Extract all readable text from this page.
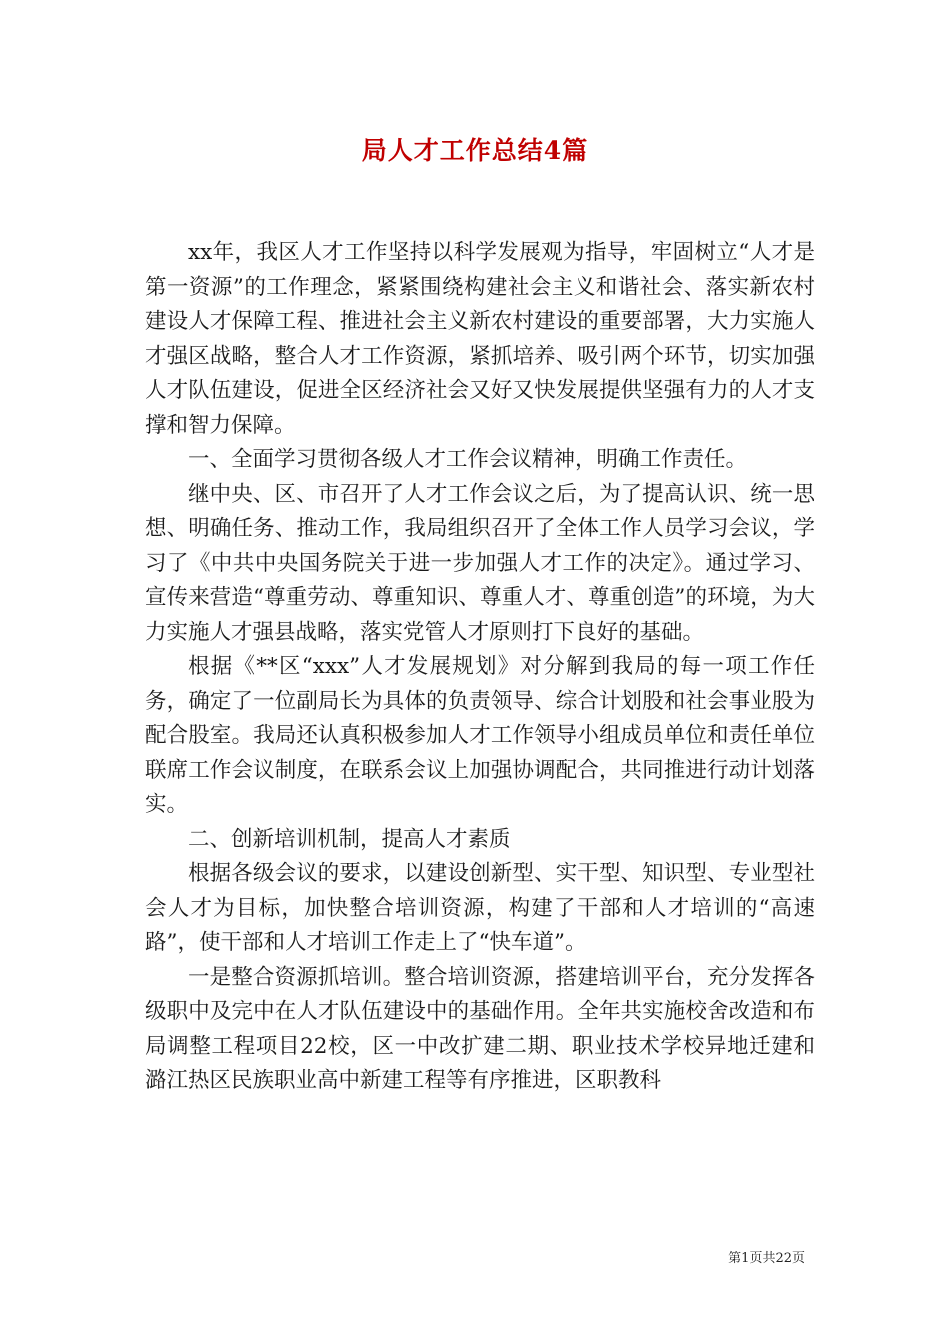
局人才工作总结4篇

xx年，我区人才工作坚持以科学发展观为指导，牢固树立“人才是第一资源”的工作理念，紧紧围绕构建社会主义和谐社会、落实新农村建设人才保障工程、推进社会主义新农村建设的重要部署，大力实施人才强区战略，整合人才工作资源，紧抓培养、吸引两个环节，切实加强人才队伍建设，促进全区经济社会又好又快发展提供坚强有力的人才支撑和智力保障。

一、全面学习贯彻各级人才工作会议精神，明确工作责任。

继中央、区、市召开了人才工作会议之后，为了提高认识、统一思想、明确任务、推动工作，我局组织召开了全体工作人员学习会议，学习了《中共中央国务院关于进一步加强人才工作的决定》。通过学习、宣传来营造“尊重劳动、尊重知识、尊重人才、尊重创造”的环境，为大力实施人才强县战略，落实党管人才原则打下良好的基础。

根据《**区“xxx”人才发展规划》对分解到我局的每一项工作任务，确定了一位副局长为具体的负责领导、综合计划股和社会事业股为配合股室。我局还认真积极参加人才工作领导小组成员单位和责任单位联席工作会议制度，在联系会议上加强协调配合，共同推进行动计划落实。

二、创新培训机制，提高人才素质

根据各级会议的要求，以建设创新型、实干型、知识型、专业型社会人才为目标，加快整合培训资源，构建了干部和人才培训的“高速路”，使干部和人才培训工作走上了“快车道”。

一是整合资源抓培训。整合培训资源，搭建培训平台，充分发挥各级职中及完中在人才队伍建设中的基础作用。全年共实施校舍改造和布局调整工程项目22校，区一中改扩建二期、职业技术学校异地迁建和潞江热区民族职业高中新建工程等有序推进，区职教科

第1页共22页
